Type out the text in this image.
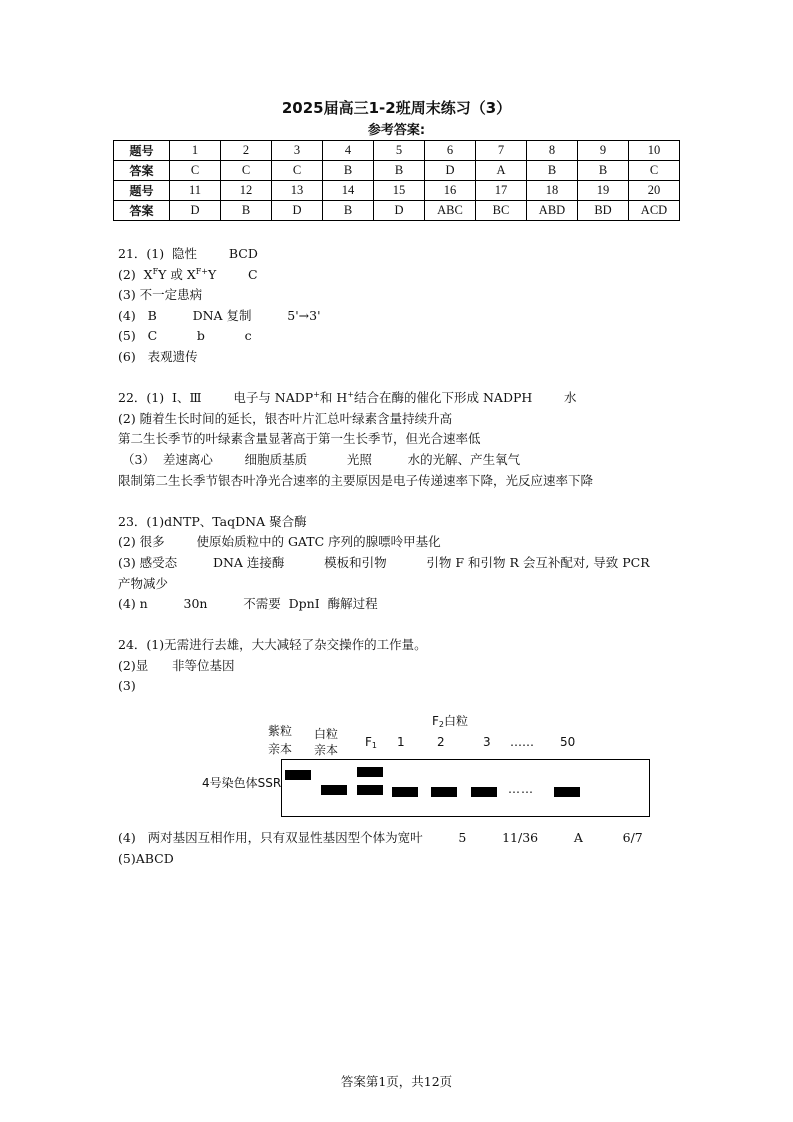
2025届高三1-2班周末练习（3）
参考答案:
题号	1	2	3	4	5	6	7	8	9	10
答案	C	C	C	B	B	D	A	B	B	C
题号	11	12	13	14	15	16	17	18	19	20
答案	D	B	D	B	D	ABC	BC	ABD	BD	ACD
21．(1)  隐性        BCD
(2)  $X^FY$ 或 $X^{F+}Y$        C
(3) 不一定患病
(4)   B         DNA 复制         5'→3'
(5)   C          b          c
(6)   表观遗传
22．(1)  Ⅰ、Ⅲ        电子与 NADP+和 H+结合在酶的催化下形成 NADPH        水
(2) 随着生长时间的延长，银杏叶片汇总叶绿素含量持续升高
第二生长季节的叶绿素含量显著高于第一生长季节，但光合速率低
（3）  差速离心        细胞质基质          光照         水的光解、产生氧气
限制第二生长季节银杏叶净光合速率的主要原因是电子传递速率下降，光反应速率下降
23．(1)dNTP、TaqDNA 聚合酶
(2) 很多        使原始质粒中的 GATC 序列的腺嘌呤甲基化
(3) 感受态         DNA 连接酶          模板和引物          引物 F 和引物 R 会互补配对, 导致 PCR
产物减少
(4) n         30n         不需要  DpnI  酶解过程
24．(1)无需进行去雄，大大减轻了杂交操作的工作量。
(2)显      非等位基因
(3)
$F_2$白粒
紫粒
亲本
白粒
亲本
$F_1$ 1	2	3 …… 50
4号染色体SSR	……
(4)   两对基因互相作用，只有双显性基因型个体为宽叶         5         11/36         A          6/7
(5)ABCD
答案第1页，共12页
